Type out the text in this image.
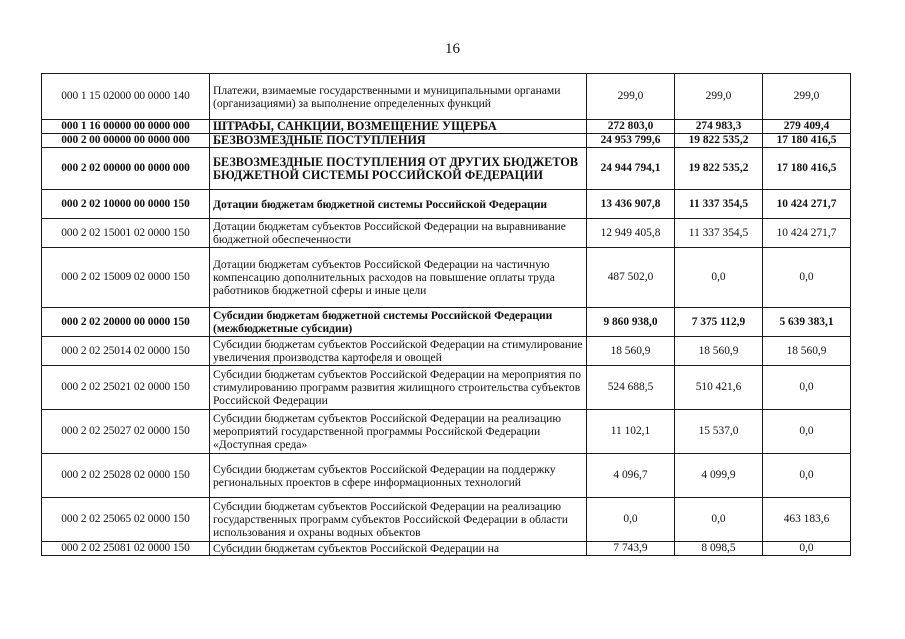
16
000 1 15 02000 00 0000 140	Платежи, взимаемые государственными и муниципальными органами (организациями) за выполнение определенных функций	299,0	299,0	299,0
000 1 16 00000 00 0000 000	ШТРАФЫ, САНКЦИИ, ВОЗМЕЩЕНИЕ УЩЕРБА	272 803,0	274 983,3	279 409,4
000 2 00 00000 00 0000 000	БЕЗВОЗМЕЗДНЫЕ ПОСТУПЛЕНИЯ	24 953 799,6	19 822 535,2	17 180 416,5
000 2 02 00000 00 0000 000	БЕЗВОЗМЕЗДНЫЕ ПОСТУПЛЕНИЯ ОТ ДРУГИХ БЮДЖЕТОВ БЮДЖЕТНОЙ СИСТЕМЫ РОССИЙСКОЙ ФЕДЕРАЦИИ	24 944 794,1	19 822 535,2	17 180 416,5
000 2 02 10000 00 0000 150	Дотации бюджетам бюджетной системы Российской Федерации	13 436 907,8	11 337 354,5	10 424 271,7
000 2 02 15001 02 0000 150	Дотации бюджетам субъектов Российской Федерации на выравнивание бюджетной обеспеченности	12 949 405,8	11 337 354,5	10 424 271,7
000 2 02 15009 02 0000 150	Дотации бюджетам субъектов Российской Федерации на частичную компенсацию дополнительных расходов на повышение оплаты труда работников бюджетной сферы и иные цели	487 502,0	0,0	0,0
000 2 02 20000 00 0000 150	Субсидии бюджетам бюджетной системы Российской Федерации (межбюджетные субсидии)	9 860 938,0	7 375 112,9	5 639 383,1
000 2 02 25014 02 0000 150	Субсидии бюджетам субъектов Российской Федерации на стимулирование увеличения производства картофеля и овощей	18 560,9	18 560,9	18 560,9
000 2 02 25021 02 0000 150	Субсидии бюджетам субъектов Российской Федерации на мероприятия по стимулированию программ развития жилищного строительства субъектов Российской Федерации	524 688,5	510 421,6	0,0
000 2 02 25027 02 0000 150	Субсидии бюджетам субъектов Российской Федерации на реализацию мероприятий государственной программы Российской Федерации «Доступная среда»	11 102,1	15 537,0	0,0
000 2 02 25028 02 0000 150	Субсидии бюджетам субъектов Российской Федерации на поддержку региональных проектов в сфере информационных технологий	4 096,7	4 099,9	0,0
000 2 02 25065 02 0000 150	Субсидии бюджетам субъектов Российской Федерации на реализацию государственных программ субъектов Российской Федерации в области использования и охраны водных объектов	0,0	0,0	463 183,6
000 2 02 25081 02 0000 150	Субсидии бюджетам субъектов Российской Федерации на	7 743,9	8 098,5	0,0
